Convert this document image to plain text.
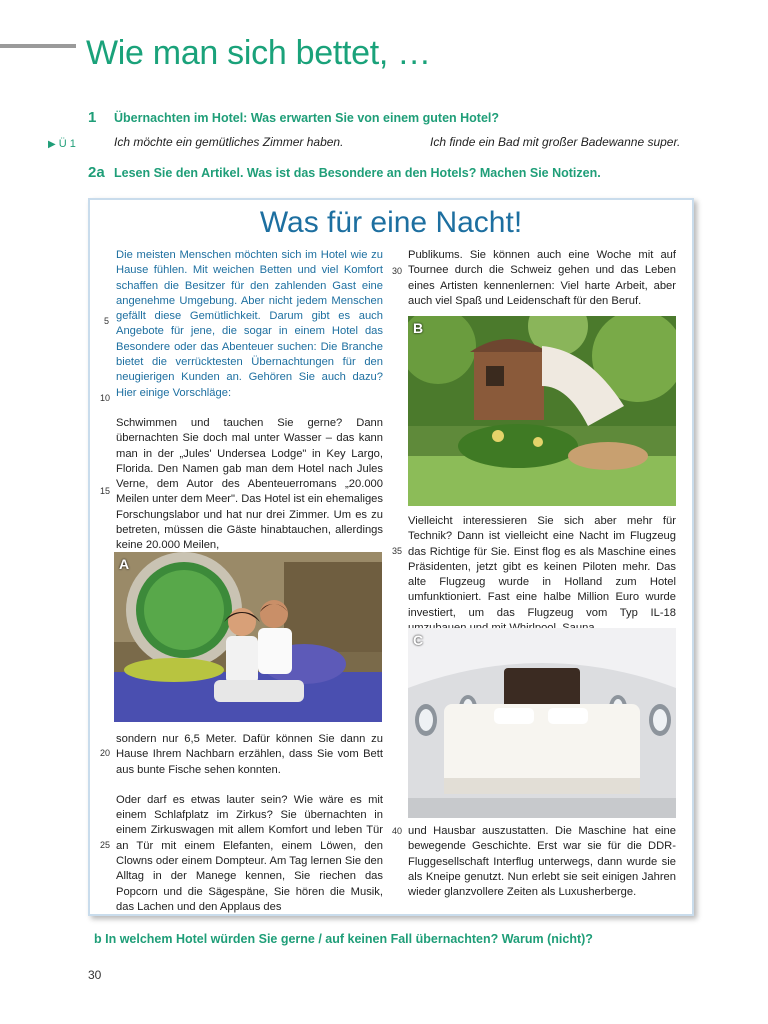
Wie man sich bettet, …
1 Übernachten im Hotel: Was erwarten Sie von einem guten Hotel?
▶ Ü 1	Ich möchte ein gemütliches Zimmer haben.	Ich finde ein Bad mit großer Badewanne super.
2a Lesen Sie den Artikel. Was ist das Besondere an den Hotels? Machen Sie Notizen.
Was für eine Nacht!

Die meisten Menschen möchten sich im Hotel wie zu Hause fühlen. Mit weichen Betten und viel Komfort schaffen die Besitzer für den zahlenden Gast eine angenehme Umgebung. Aber nicht jedem Menschen gefällt diese Gemütlichkeit. Darum gibt es auch Angebote für jene, die sogar in einem Hotel das Besondere oder das Abenteuer suchen: Die Branche bietet die verrücktesten Übernachtungen für den neugierigen Kunden an. Gehören Sie auch dazu? Hier einige Vorschläge:

Schwimmen und tauchen Sie gerne? Dann übernachten Sie doch mal unter Wasser – das kann man in der „Jules' Undersea Lodge" in Key Largo, Florida. Den Namen gab man dem Hotel nach Jules Verne, dem Autor des Abenteuerromans „20.000 Meilen unter dem Meer". Das Hotel ist ein ehemaliges Forschungslabor und hat nur drei Zimmer. Um es zu betreten, müssen die Gäste hinabtauchen, allerdings keine 20.000 Meilen,

A

sondern nur 6,5 Meter. Dafür können Sie dann zu Hause Ihrem Nachbarn erzählen, dass Sie vom Bett aus bunte Fische sehen konnten.

Oder darf es etwas lauter sein? Wie wäre es mit einem Schlafplatz im Zirkus? Sie übernachten in einem Zirkuswagen mit allem Komfort und leben Tür an Tür mit einem Elefanten, einem Löwen, den Clowns oder einem Dompteur. Am Tag lernen Sie den Alltag in der Manege kennen, Sie riechen das Popcorn und die Sägespäne, Sie hören die Musik, das Lachen und den Applaus des

Publikums. Sie können auch eine Woche mit auf Tournee durch die Schweiz gehen und das Leben eines Artisten kennenlernen: Viel harte Arbeit, aber auch viel Spaß und Leidenschaft für den Beruf.

B

Vielleicht interessieren Sie sich aber mehr für Technik? Dann ist vielleicht eine Nacht im Flugzeug das Richtige für Sie. Einst flog es als Maschine eines Präsidenten, jetzt gibt es keinen Piloten mehr. Das alte Flugzeug wurde in Holland zum Hotel umfunktioniert. Fast eine halbe Million Euro wurde investiert, um das Flugzeug vom Typ IL-18

C

und Hausbar auszustatten. Die Maschine hat eine bewegende Geschichte. Erst war sie für die DDR-Fluggesellschaft Interflug unterwegs, dann wurde sie als Kneipe genutzt. Nun erlebt sie seit einigen Jahren wieder glanzvollere Zeiten als Luxusherberge.

5
10
15
20
25
30
35
40
b In welchem Hotel würden Sie gerne / auf keinen Fall übernachten? Warum (nicht)?
30
